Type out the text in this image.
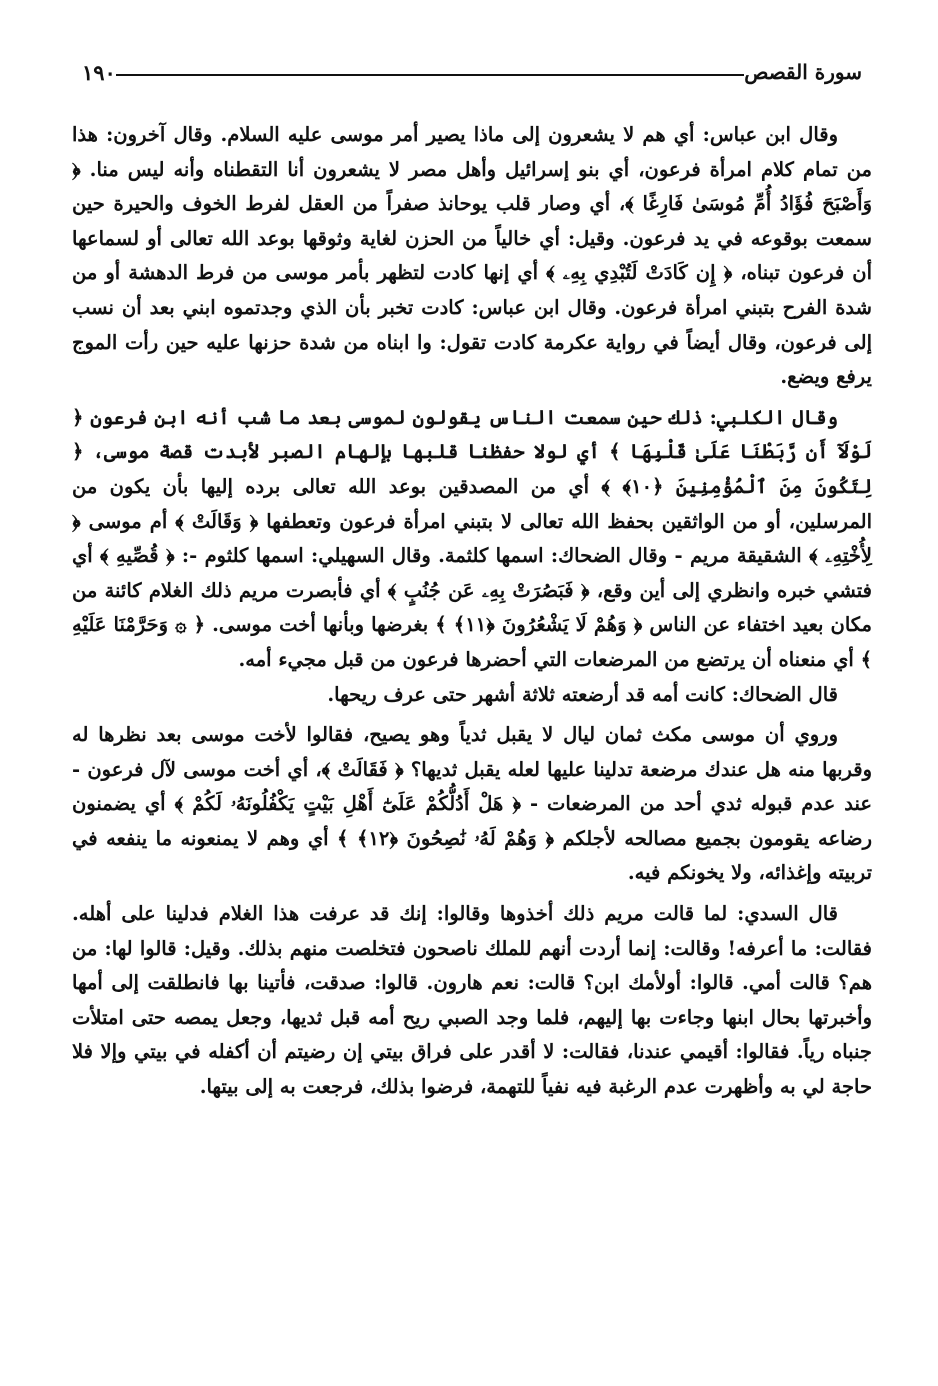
سورة القصص
١٩٠

وقال ابن عباس: أي هم لا يشعرون إلى ماذا يصير أمر موسى عليه السلام. وقال آخرون: هذا من تمام كلام امرأة فرعون، أي بنو إسرائيل وأهل مصر لا يشعرون أنا التقطناه وأنه ليس منا. ﴿ وَأَصْبَحَ فُؤَادُ أُمِّ مُوسَىٰ فَارِغًا ﴾، أي وصار قلب يوحانذ صفراً من العقل لفرط الخوف والحيرة حين سمعت بوقوعه في يد فرعون. وقيل: أي خالياً من الحزن لغاية وثوقها بوعد الله تعالى أو لسماعها أن فرعون تبناه، ﴿ إِن كَادَتْ لَتُبْدِي بِهِۦ ﴾ أي إنها كادت لتظهر بأمر موسى من فرط الدهشة أو من شدة الفرح بتبني امرأة فرعون. وقال ابن عباس: كادت تخبر بأن الذي وجدتموه ابني بعد أن نسب إلى فرعون، وقال أيضاً في رواية عكرمة كادت تقول: وا ابناه من شدة حزنها عليه حين رأت الموج يرفع ويضع.

وقال الكلبي: ذلك حين سمعت الناس يقولون لموسى بعد ما شب أنه ابن فرعون ﴿ لَوْلَآ أَن رَّبَطْنَا عَلَىٰ قَلْبِهَا ﴾ أي لولا حفظنا قلبها بإلهام الصبر لأبدت قصة موسى، ﴿ لِتَكُونَ مِنَ ٱلْمُؤْمِنِينَ ﴿١٠﴾ ﴾ أي من المصدقين بوعد الله تعالى برده إليها بأن يكون من المرسلين، أو من الواثقين بحفظ الله تعالى لا بتبني امرأة فرعون وتعطفها ﴿ وَقَالَتْ ﴾ أم موسى ﴿ لِأُخْتِهِۦ ﴾ الشقيقة مريم - وقال الضحاك: اسمها كلثمة. وقال السهيلي: اسمها كلثوم -: ﴿ قُصِّيهِ ﴾ أي فتشي خبره وانظري إلى أين وقع، ﴿ فَبَصُرَتْ بِهِۦ عَن جُنُبٍ ﴾ أي فأبصرت مريم ذلك الغلام كائنة من مكان بعيد اختفاء عن الناس ﴿ وَهُمْ لَا يَشْعُرُونَ ﴿١١﴾ ﴾ بغرضها وبأنها أخت موسى. ﴿ ۞ وَحَرَّمْنَا عَلَيْهِ ﴾ أي منعناه أن يرتضع من المرضعات التي أحضرها فرعون من قبل مجيء أمه.

قال الضحاك: كانت أمه قد أرضعته ثلاثة أشهر حتى عرف ريحها.

وروي أن موسى مكث ثمان ليال لا يقبل ثدياً وهو يصيح، فقالوا لأخت موسى بعد نظرها له وقربها منه هل عندك مرضعة تدلينا عليها لعله يقبل ثديها؟ ﴿ فَقَالَتْ ﴾، أي أخت موسى لآل فرعون - عند عدم قبوله ثدي أحد من المرضعات - ﴿ هَلْ أَدُلُّكُمْ عَلَىٰٓ أَهْلِ بَيْتٍ يَكْفُلُونَهُۥ لَكُمْ ﴾ أي يضمنون رضاعه يقومون بجميع مصالحه لأجلكم ﴿ وَهُمْ لَهُۥ نَٰصِحُونَ ﴿١٢﴾ ﴾ أي وهم لا يمنعونه ما ينفعه في تربيته وإغذائه، ولا يخونكم فيه.

قال السدي: لما قالت مريم ذلك أخذوها وقالوا: إنك قد عرفت هذا الغلام فدلينا على أهله. فقالت: ما أعرفه! وقالت: إنما أردت أنهم للملك ناصحون فتخلصت منهم بذلك. وقيل: قالوا لها: من هم؟ قالت أمي. قالوا: أولأمك ابن؟ قالت: نعم هارون. قالوا: صدقت، فأتينا بها فانطلقت إلى أمها وأخبرتها بحال ابنها وجاءت بها إليهم، فلما وجد الصبي ريح أمه قبل ثديها، وجعل يمصه حتى امتلأت جنباه رياً. فقالوا: أقيمي عندنا، فقالت: لا أقدر على فراق بيتي إن رضيتم أن أكفله في بيتي وإلا فلا حاجة لي به وأظهرت عدم الرغبة فيه نفياً للتهمة، فرضوا بذلك، فرجعت به إلى بيتها.
